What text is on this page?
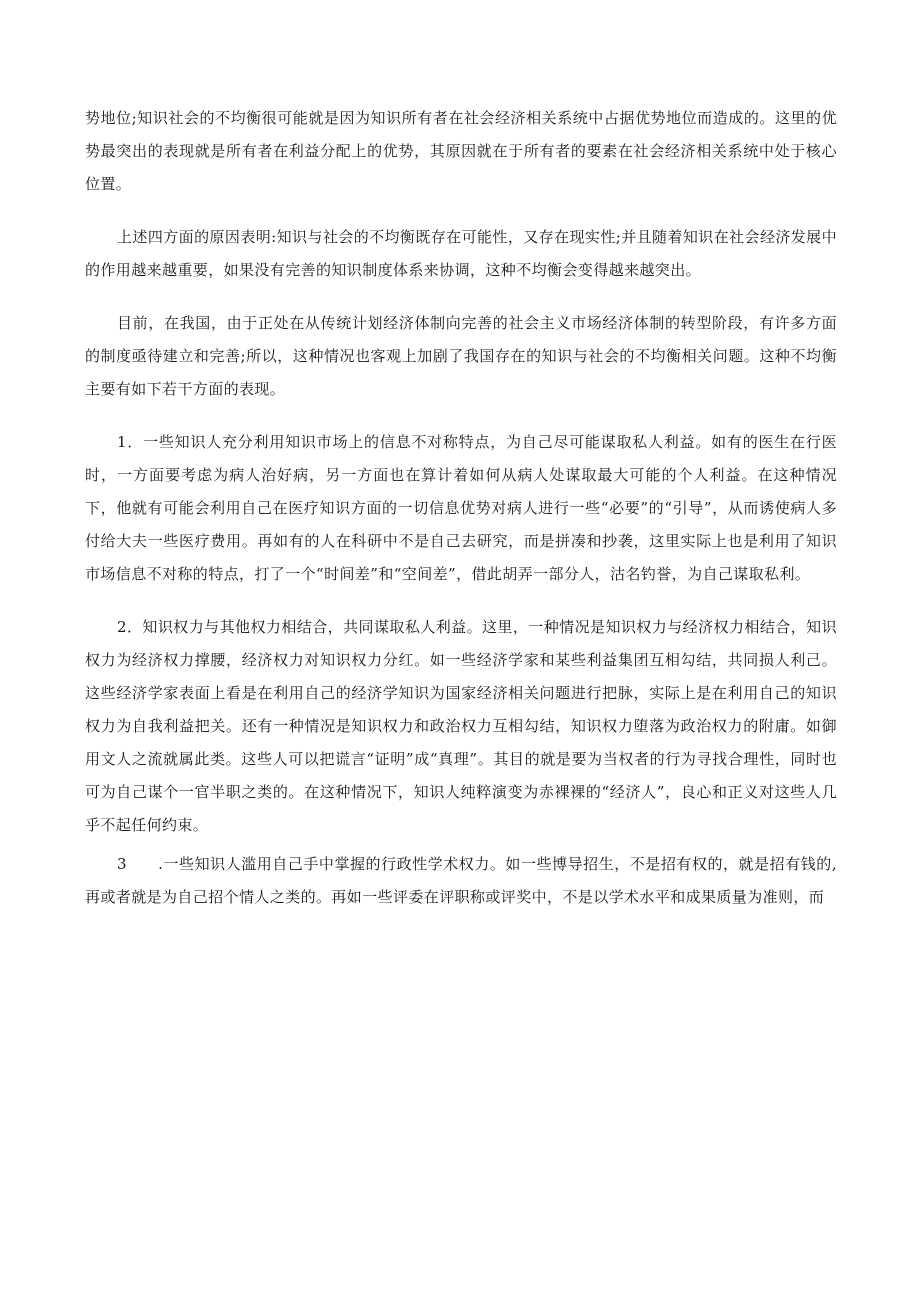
势地位;知识社会的不均衡很可能就是因为知识所有者在社会经济相关系统中占据优势地位而造成的。这里的优势最突出的表现就是所有者在利益分配上的优势，其原因就在于所有者的要素在社会经济相关系统中处于核心位置。

上述四方面的原因表明:知识与社会的不均衡既存在可能性，又存在现实性;并且随着知识在社会经济发展中的作用越来越重要，如果没有完善的知识制度体系来协调，这种不均衡会变得越来越突出。

目前，在我国，由于正处在从传统计划经济体制向完善的社会主义市场经济体制的转型阶段，有许多方面的制度亟待建立和完善;所以，这种情况也客观上加剧了我国存在的知识与社会的不均衡相关问题。这种不均衡主要有如下若干方面的表现。

1．一些知识人充分利用知识市场上的信息不对称特点，为自己尽可能谋取私人利益。如有的医生在行医时，一方面要考虑为病人治好病，另一方面也在算计着如何从病人处谋取最大可能的个人利益。在这种情况下，他就有可能会利用自己在医疗知识方面的一切信息优势对病人进行一些“必要”的“引导”，从而诱使病人多付给大夫一些医疗费用。再如有的人在科研中不是自己去研究，而是拼凑和抄袭，这里实际上也是利用了知识市场信息不对称的特点，打了一个“时间差”和“空间差”，借此胡弄一部分人，沽名钓誉，为自己谋取私利。

2．知识权力与其他权力相结合，共同谋取私人利益。这里，一种情况是知识权力与经济权力相结合，知识权力为经济权力撑腰，经济权力对知识权力分红。如一些经济学家和某些利益集团互相勾结，共同损人利己。这些经济学家表面上看是在利用自己的经济学知识为国家经济相关问题进行把脉，实际上是在利用自己的知识权力为自我利益把关。还有一种情况是知识权力和政治权力互相勾结，知识权力堕落为政治权力的附庸。如御用文人之流就属此类。这些人可以把谎言“证明”成“真理”。其目的就是要为当权者的行为寻找合理性，同时也可为自己谋个一官半职之类的。在这种情况下，知识人纯粹演变为赤裸裸的“经济人”，良心和正义对这些人几乎不起任何约束。

3　　.一些知识人滥用自己手中掌握的行政性学术权力。如一些博导招生，不是招有权的，就是招有钱的,再或者就是为自己招个情人之类的。再如一些评委在评职称或评奖中，不是以学术水平和成果质量为准则，而
